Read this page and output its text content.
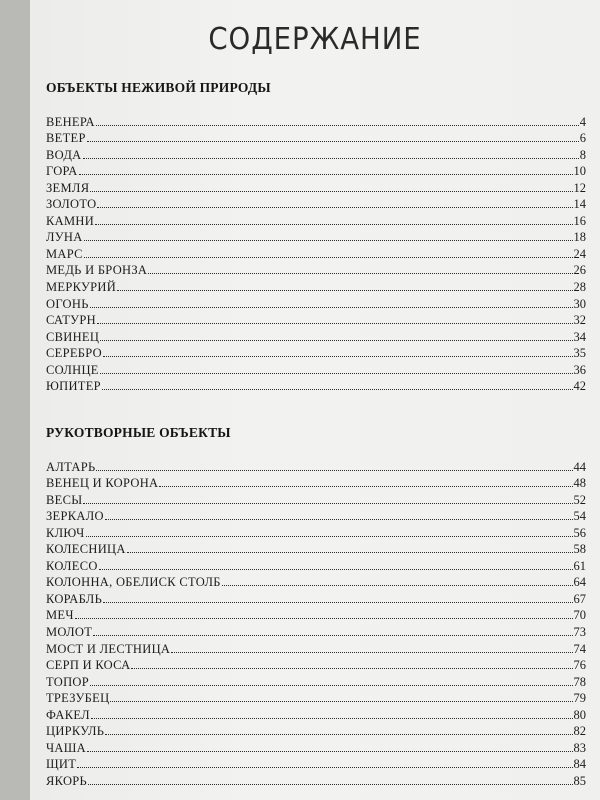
СОДЕРЖАНИЕ
ОБЪЕКТЫ НЕЖИВОЙ ПРИРОДЫ
ВЕНЕРА	4
ВЕТЕР	6
ВОДА	8
ГОРА	10
ЗЕМЛЯ	12
ЗОЛОТО	14
КАМНИ	16
ЛУНА	18
МАРС	24
МЕДЬ И БРОНЗА	26
МЕРКУРИЙ	28
ОГОНЬ	30
САТУРН	32
СВИНЕЦ	34
СЕРЕБРО	35
СОЛНЦЕ	36
ЮПИТЕР	42
РУКОТВОРНЫЕ ОБЪЕКТЫ
АЛТАРЬ	44
ВЕНЕЦ И КОРОНА	48
ВЕСЫ	52
ЗЕРКАЛО	54
КЛЮЧ	56
КОЛЕСНИЦА	58
КОЛЕСО	61
КОЛОННА, ОБЕЛИСК СТОЛБ	64
КОРАБЛЬ	67
МЕЧ	70
МОЛОТ	73
МОСТ И ЛЕСТНИЦА	74
СЕРП И КОСА	76
ТОПОР	78
ТРЕЗУБЕЦ	79
ФАКЕЛ	80
ЦИРКУЛЬ	82
ЧАША	83
ЩИТ	84
ЯКОРЬ	85
